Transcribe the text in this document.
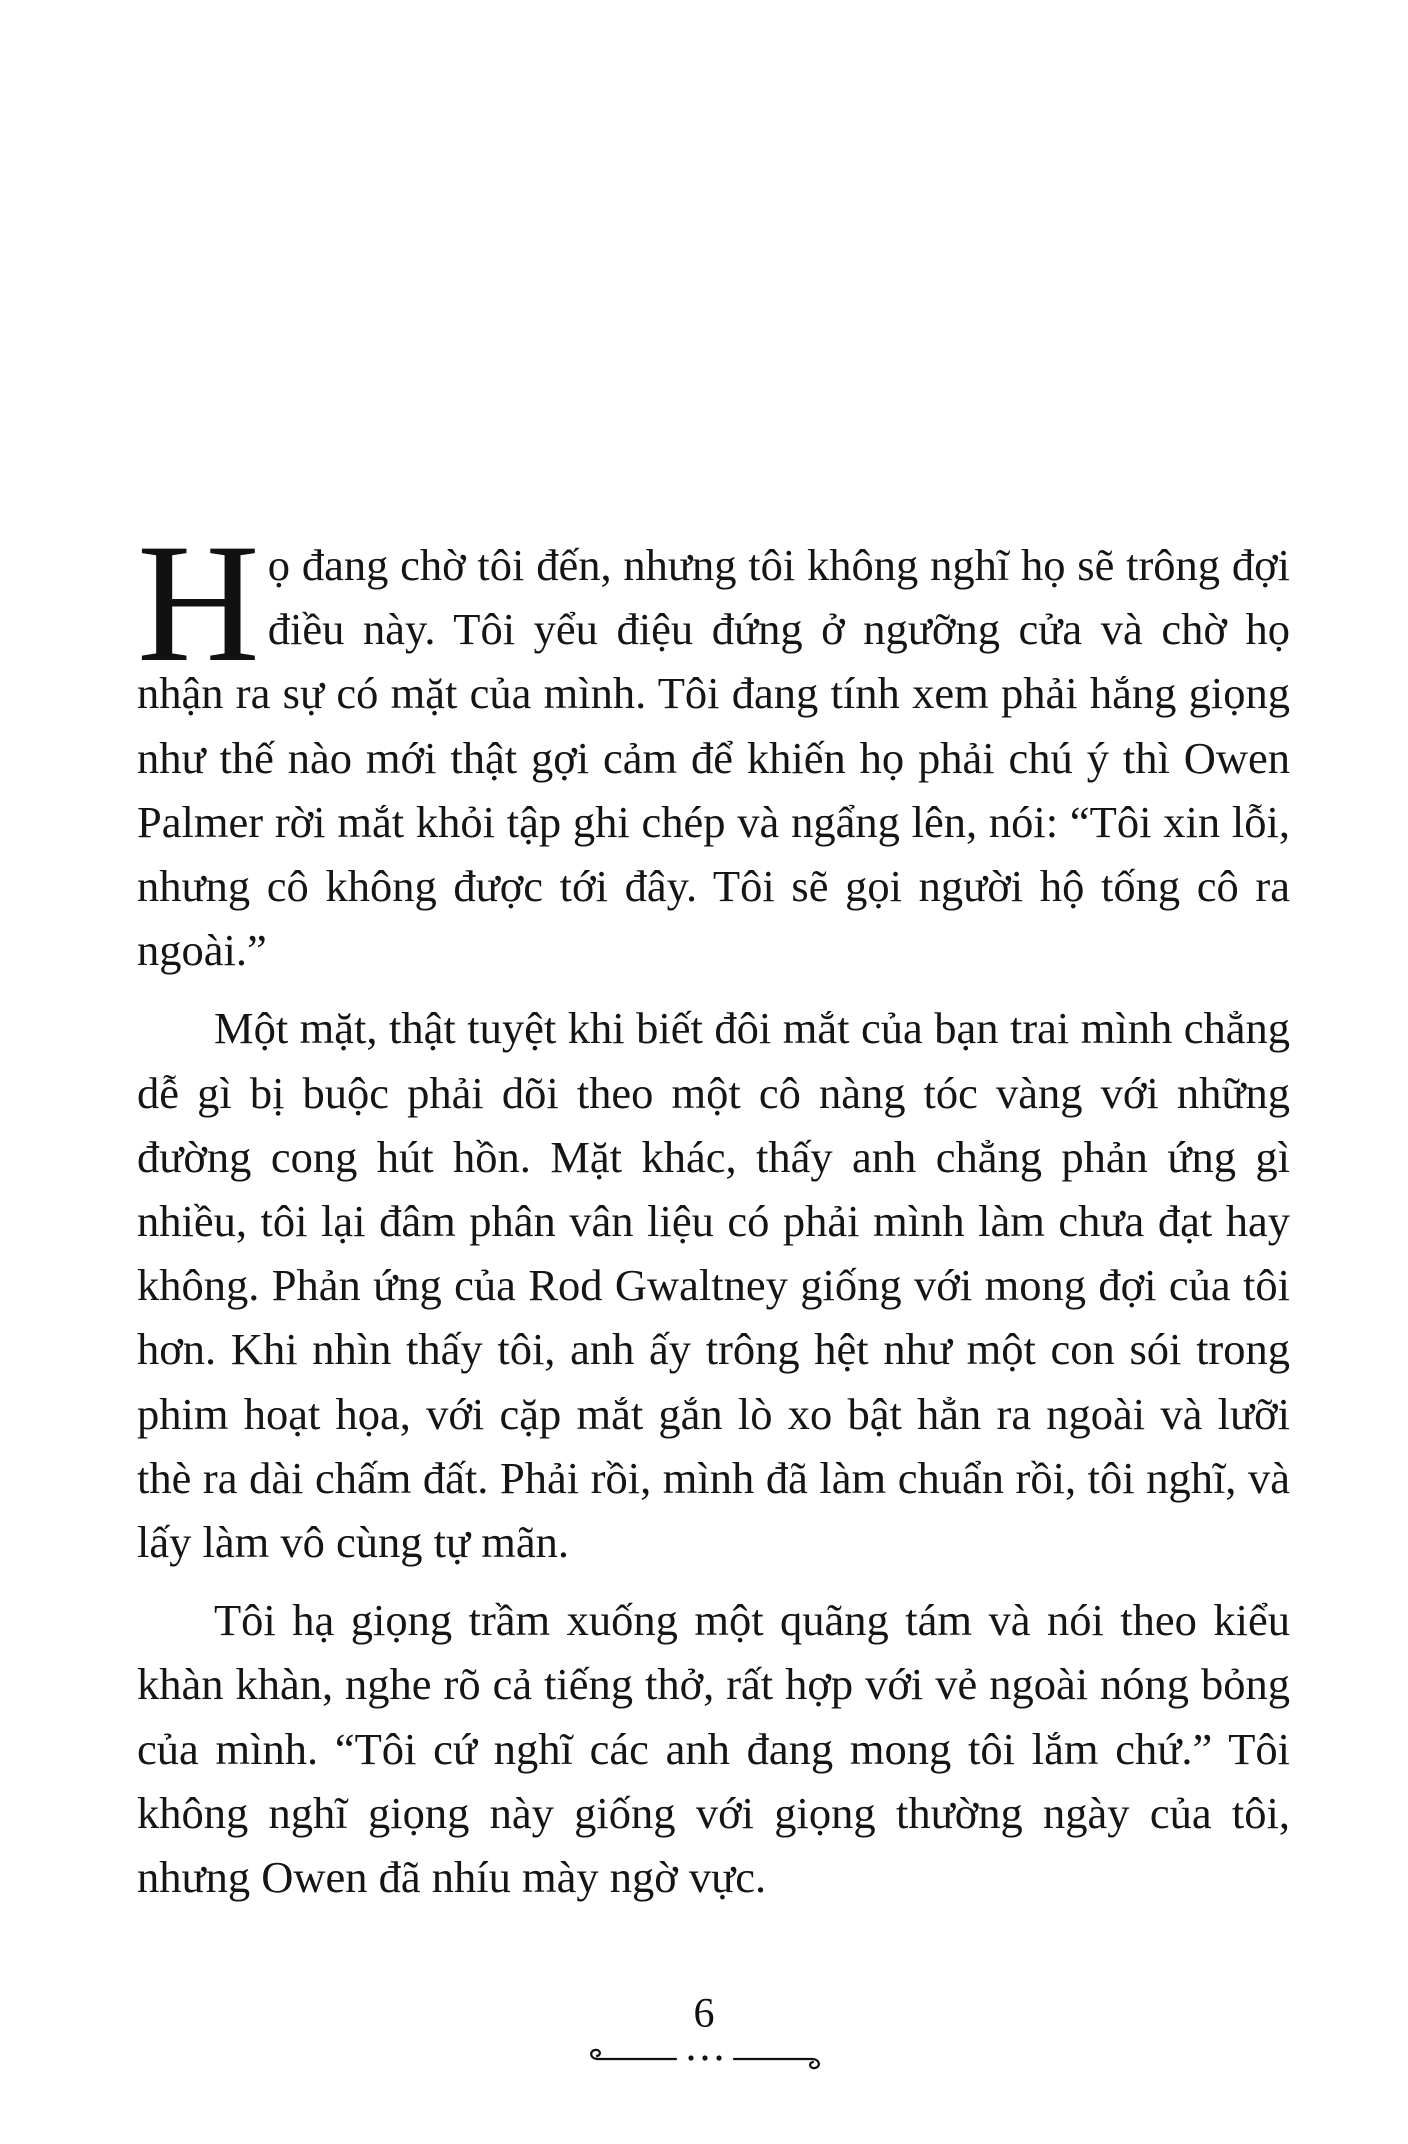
Họ đang chờ tôi đến, nhưng tôi không nghĩ họ sẽ trông đợi điều này. Tôi yểu điệu đứng ở ngưỡng cửa và chờ họ nhận ra sự có mặt của mình. Tôi đang tính xem phải hắng giọng như thế nào mới thật gợi cảm để khiến họ phải chú ý thì Owen Palmer rời mắt khỏi tập ghi chép và ngẩng lên, nói: “Tôi xin lỗi, nhưng cô không được tới đây. Tôi sẽ gọi người hộ tống cô ra ngoài.”

Một mặt, thật tuyệt khi biết đôi mắt của bạn trai mình chẳng dễ gì bị buộc phải dõi theo một cô nàng tóc vàng với những đường cong hút hồn. Mặt khác, thấy anh chẳng phản ứng gì nhiều, tôi lại đâm phân vân liệu có phải mình làm chưa đạt hay không. Phản ứng của Rod Gwaltney giống với mong đợi của tôi hơn. Khi nhìn thấy tôi, anh ấy trông hệt như một con sói trong phim hoạt họa, với cặp mắt gắn lò xo bật hẳn ra ngoài và lưỡi thè ra dài chấm đất. Phải rồi, mình đã làm chuẩn rồi, tôi nghĩ, và lấy làm vô cùng tự mãn.

Tôi hạ giọng trầm xuống một quãng tám và nói theo kiểu khàn khàn, nghe rõ cả tiếng thở, rất hợp với vẻ ngoài nóng bỏng của mình. “Tôi cứ nghĩ các anh đang mong tôi lắm chứ.” Tôi không nghĩ giọng này giống với giọng thường ngày của tôi, nhưng Owen đã nhíu mày ngờ vực.

6
